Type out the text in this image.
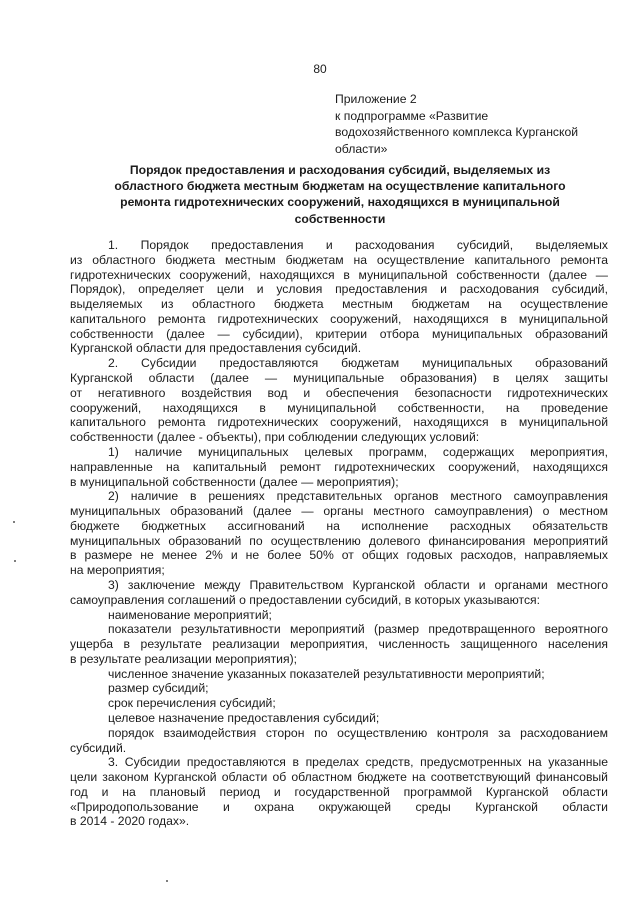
80
Приложение 2
к подпрограмме «Развитие
водохозяйственного комплекса Курганской
области»
Порядок предоставления и расходования субсидий, выделяемых из
областного бюджета местным бюджетам на осуществление капитального
ремонта гидротехнических сооружений, находящихся в муниципальной
собственности
1. Порядок предоставления и расходования субсидий, выделяемых
из областного бюджета местным бюджетам на осуществление капитального ремонта
гидротехнических сооружений, находящихся в муниципальной собственности (далее —
Порядок), определяет цели и условия предоставления и расходования субсидий,
выделяемых из областного бюджета местным бюджетам на осуществление
капитального ремонта гидротехнических сооружений, находящихся в муниципальной
собственности (далее — субсидии), критерии отбора муниципальных образований
Курганской области для предоставления субсидий.
2. Субсидии предоставляются бюджетам муниципальных образований
Курганской области (далее — муниципальные образования) в целях защиты
от негативного воздействия вод и обеспечения безопасности гидротехнических
сооружений, находящихся в муниципальной собственности, на проведение
капитального ремонта гидротехнических сооружений, находящихся в муниципальной
собственности (далее - объекты), при соблюдении следующих условий:
1) наличие муниципальных целевых программ, содержащих мероприятия,
направленные на капитальный ремонт гидротехнических сооружений, находящихся
в муниципальной собственности (далее — мероприятия);
2) наличие в решениях представительных органов местного самоуправления
муниципальных образований (далее — органы местного самоуправления) о местном
бюджете бюджетных ассигнований на исполнение расходных обязательств
муниципальных образований по осуществлению долевого финансирования мероприятий
в размере не менее 2% и не более 50% от общих годовых расходов, направляемых
на мероприятия;
3) заключение между Правительством Курганской области и органами местного
самоуправления соглашений о предоставлении субсидий, в которых указываются:
наименование мероприятий;
показатели результативности мероприятий (размер предотвращенного вероятного
ущерба в результате реализации мероприятия, численность защищенного населения
в результате реализации мероприятия);
численное значение указанных показателей результативности мероприятий;
размер субсидий;
срок перечисления субсидий;
целевое назначение предоставления субсидий;
порядок взаимодействия сторон по осуществлению контроля за расходованием
субсидий.
3. Субсидии предоставляются в пределах средств, предусмотренных на указанные
цели законом Курганской области об областном бюджете на соответствующий финансовый
год и на плановый период и государственной программой Курганской области
«Природопользование и охрана окружающей среды Курганской области
в 2014 - 2020 годах».
